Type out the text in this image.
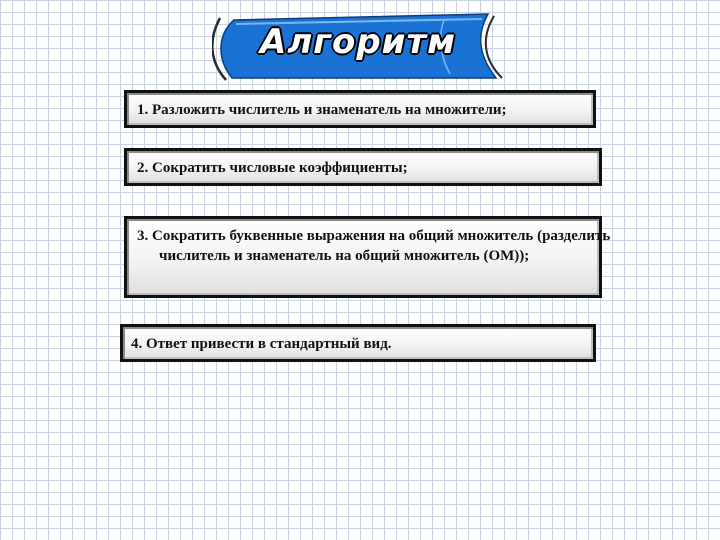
Алгоритм
1. Разложить числитель и знаменатель на множители;
2. Сократить числовые коэффициенты;
3. Сократить буквенные выражения на общий множитель (разделить числитель и знаменатель на общий множитель (ОМ));
4. Ответ привести в стандартный вид.
